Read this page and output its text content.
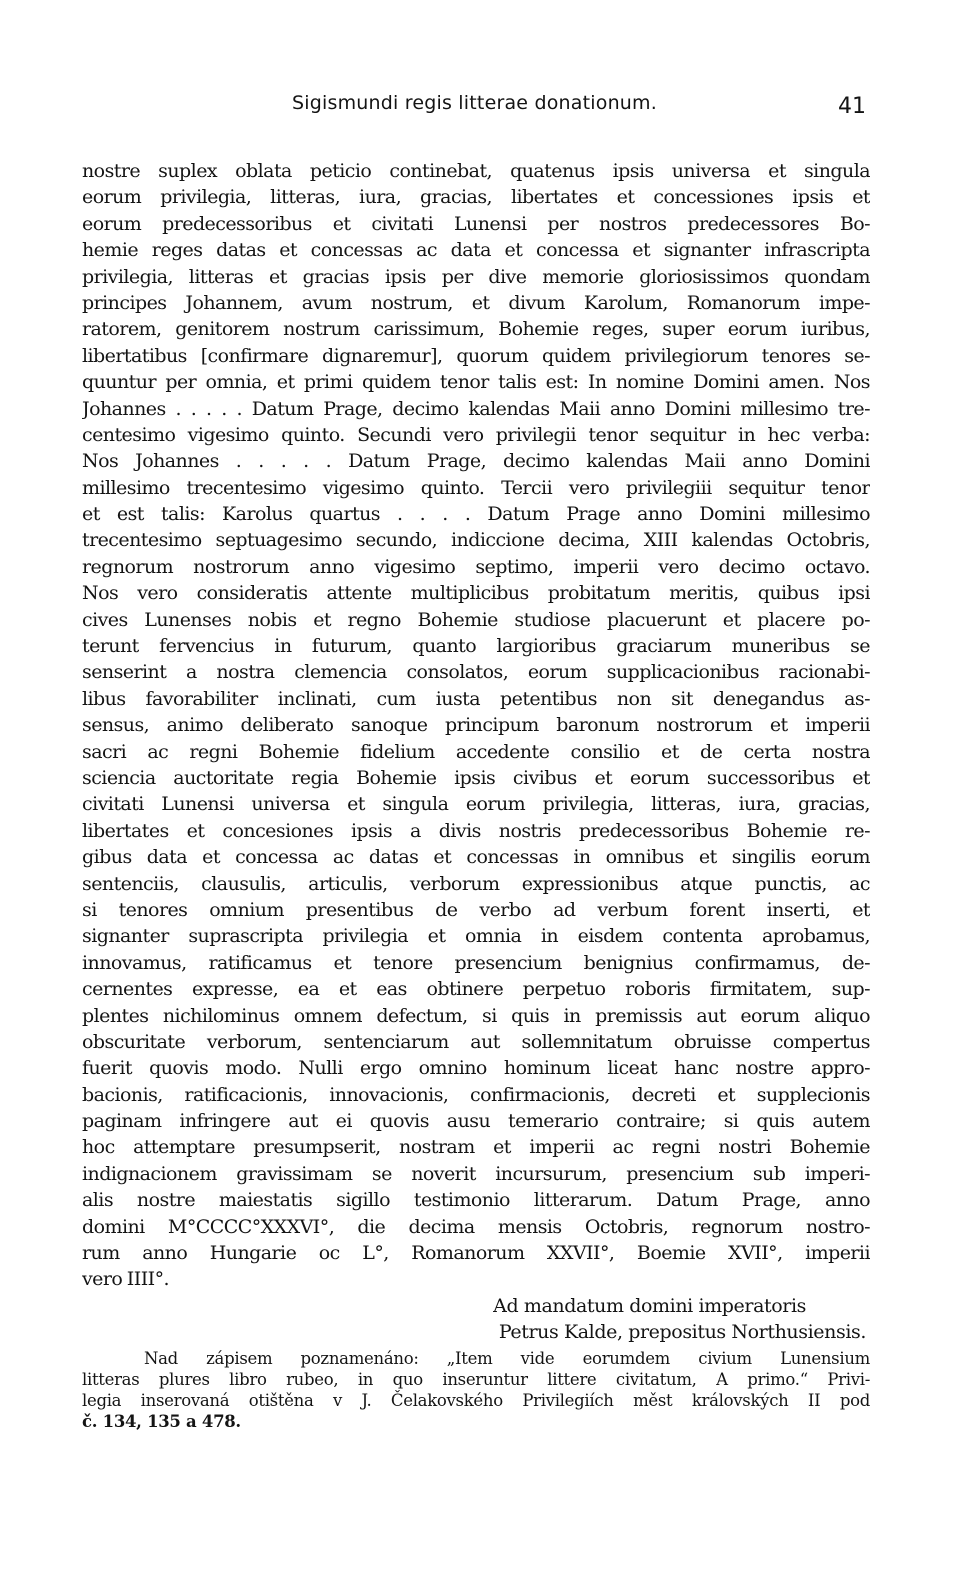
Sigismundi regis litterae donationum.	41
nostre suplex oblata peticio continebat, quatenus ipsis universa et singula
eorum privilegia, litteras, iura, gracias, libertates et concessiones ipsis et
eorum predecessoribus et civitati Lunensi per nostros predecessores Bo-
hemie reges datas et concessas ac data et concessa et signanter infrascripta
privilegia, litteras et gracias ipsis per dive memorie gloriosissimos quondam
principes Johannem, avum nostrum, et divum Karolum, Romanorum impe-
ratorem, genitorem nostrum carissimum, Bohemie reges, super eorum iuribus,
libertatibus [confirmare dignaremur], quorum quidem privilegiorum tenores se-
quuntur per omnia, et primi quidem tenor talis est: In nomine Domini amen. Nos
Johannes . . . . . Datum Prage, decimo kalendas Maii anno Domini millesimo tre-
centesimo vigesimo quinto. Secundi vero privilegii tenor sequitur in hec verba:
Nos Johannes . . . . . Datum Prage, decimo kalendas Maii anno Domini
millesimo trecentesimo vigesimo quinto. Tercii vero privilegiii sequitur tenor
et est talis: Karolus quartus . . . . Datum Prage anno Domini millesimo
trecentesimo septuagesimo secundo, indiccione decima, XIII kalendas Octobris,
regnorum nostrorum anno vigesimo septimo, imperii vero decimo octavo.
Nos vero consideratis attente multiplicibus probitatum meritis, quibus ipsi
cives Lunenses nobis et regno Bohemie studiose placuerunt et placere po-
terunt fervencius in futurum, quanto largioribus graciarum muneribus se
senserint a nostra clemencia consolatos, eorum supplicacionibus racionabi-
libus favorabiliter inclinati, cum iusta petentibus non sit denegandus as-
sensus, animo deliberato sanoque principum baronum nostrorum et imperii
sacri ac regni Bohemie fidelium accedente consilio et de certa nostra
sciencia auctoritate regia Bohemie ipsis civibus et eorum successoribus et
civitati Lunensi universa et singula eorum privilegia, litteras, iura, gracias,
libertates et concesiones ipsis a divis nostris predecessoribus Bohemie re-
gibus data et concessa ac datas et concessas in omnibus et singilis eorum
sentenciis, clausulis, articulis, verborum expressionibus atque punctis, ac
si tenores omnium presentibus de verbo ad verbum forent inserti, et
signanter suprascripta privilegia et omnia in eisdem contenta aprobamus,
innovamus, ratificamus et tenore presencium benignius confirmamus, de-
cernentes expresse, ea et eas obtinere perpetuo roboris firmitatem, sup-
plentes nichilominus omnem defectum, si quis in premissis aut eorum aliquo
obscuritate verborum, sentenciarum aut sollemnitatum obruisse compertus
fuerit quovis modo. Nulli ergo omnino hominum liceat hanc nostre appro-
bacionis, ratificacionis, innovacionis, confirmacionis, decreti et supplecionis
paginam infringere aut ei quovis ausu temerario contraire; si quis autem
hoc attemptare presumpserit, nostram et imperii ac regni nostri Bohemie
indignacionem gravissimam se noverit incursurum, presencium sub imperi-
alis nostre maiestatis sigillo testimonio litterarum. Datum Prage, anno
domini M°CCCC°XXXVI°, die decima mensis Octobris, regnorum nostro-
rum anno Hungarie oc L°, Romanorum XXVII°, Boemie XVII°, imperii
vero IIII°.
Ad mandatum domini imperatoris
Petrus Kalde, prepositus Northusiensis.
Nad zápisem poznamenáno: „Item vide eorumdem civium Lunensium
litteras plures libro rubeo, in quo inseruntur littere civitatum, A primo.“ Privi-
legia inserovaná otištěna v J. Čelakovského Privilegiích měst královských II pod
č. 134, 135 a 478.
